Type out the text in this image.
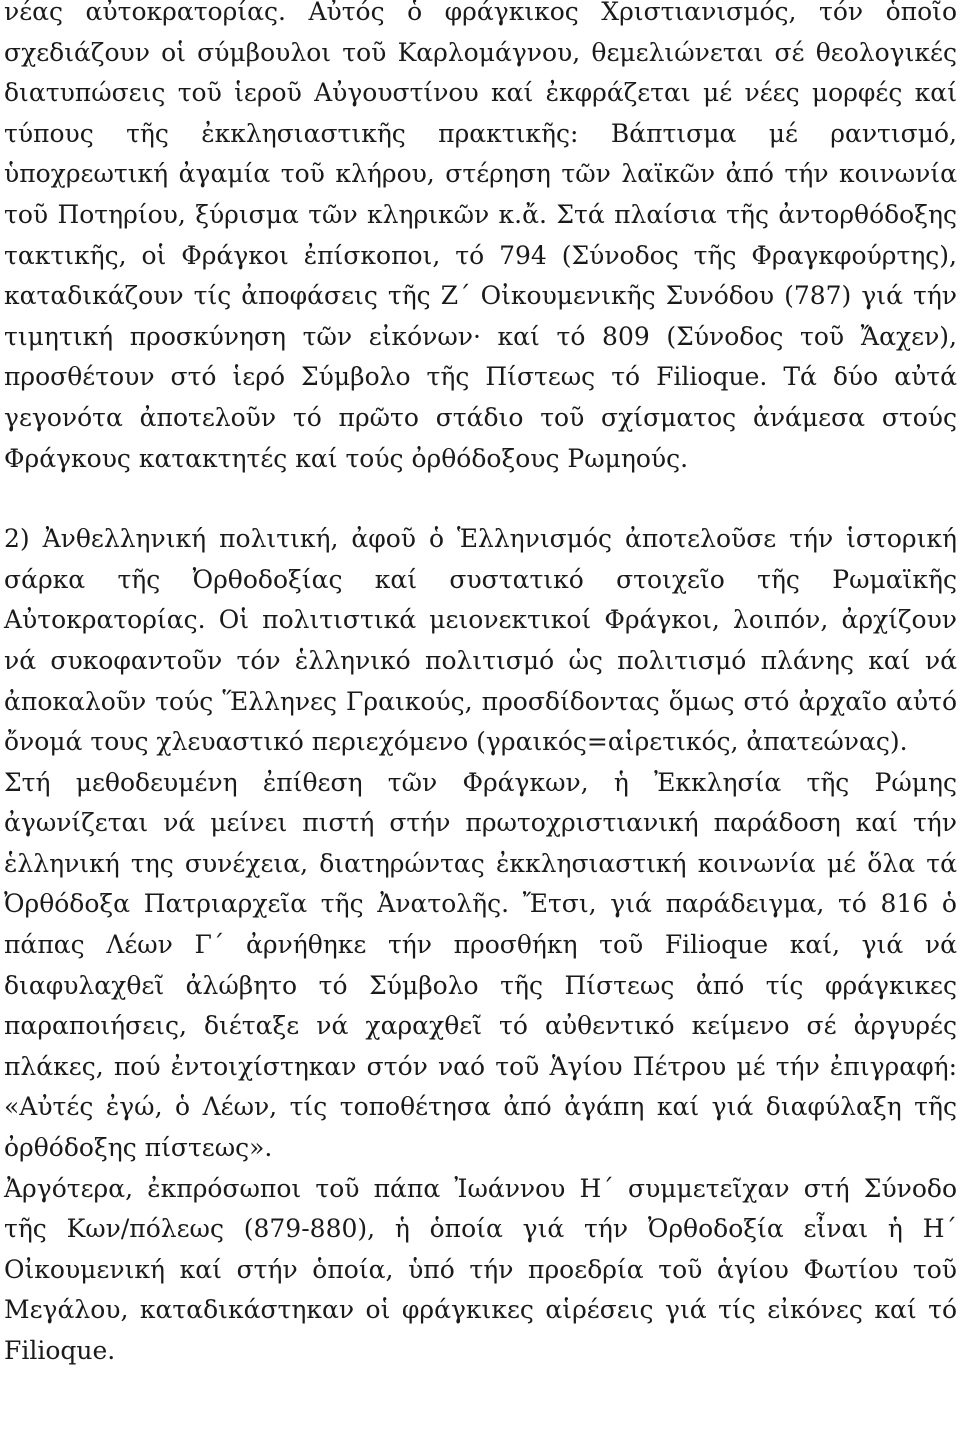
νέας αὐτοκρατορίας. Αὐτός ὁ φράγκικος Χριστιανισμός, τόν ὁποῖο σχεδιάζουν οἱ σύμβουλοι τοῦ Καρλομάγνου, θεμελιώνεται σέ θεολογικές διατυπώσεις τοῦ ἱεροῦ Αὐγουστίνου καί ἐκφράζεται μέ νέες μορφές καί τύπους τῆς ἐκκλησιαστικῆς πρακτικῆς: Βάπτισμα μέ ραντισμό, ὑποχρεωτική ἀγαμία τοῦ κλήρου, στέρηση τῶν λαϊκῶν ἀπό τήν κοινωνία τοῦ Ποτηρίου, ξύρισμα τῶν κληρικῶν κ.ἄ. Στά πλαίσια τῆς ἀντορθόδοξης τακτικῆς, οἱ Φράγκοι ἐπίσκοποι, τό 794 (Σύνοδος τῆς Φραγκφούρτης), καταδικάζουν τίς ἀποφάσεις τῆς Ζ΄ Οἰκουμενικῆς Συνόδου (787) γιά τήν τιμητική προσκύνηση τῶν εἰκόνων· καί τό 809 (Σύνοδος τοῦ Ἄαχεν), προσθέτουν στό ἱερό Σύμβολο τῆς Πίστεως τό Filioque. Τά δύο αὐτά γεγονότα ἀποτελοῦν τό πρῶτο στάδιο τοῦ σχίσματος ἀνάμεσα στούς Φράγκους κατακτητές καί τούς ὀρθόδοξους Ρωμηούς.

2) Ἀνθελληνική πολιτική, ἀφοῦ ὁ Ἑλληνισμός ἀποτελοῦσε τήν ἱστορική σάρκα τῆς Ὀρθοδοξίας καί συστατικό στοιχεῖο τῆς Ρωμαϊκῆς Αὐτοκρατορίας. Οἱ πολιτιστικά μειονεκτικοί Φράγκοι, λοιπόν, ἀρχίζουν νά συκοφαντοῦν τόν ἑλληνικό πολιτισμό ὡς πολιτισμό πλάνης καί νά ἀποκαλοῦν τούς Ἕλληνες Γραικούς, προσδίδοντας ὅμως στό ἀρχαῖο αὐτό ὄνομά τους χλευαστικό περιεχόμενο (γραικός=αἱρετικός, ἀπατεώνας).

Στή μεθοδευμένη ἐπίθεση τῶν Φράγκων, ἡ Ἐκκλησία τῆς Ρώμης ἀγωνίζεται νά μείνει πιστή στήν πρωτοχριστιανική παράδοση καί τήν ἑλληνική της συνέχεια, διατηρώντας ἐκκλησιαστική κοινωνία μέ ὅλα τά Ὀρθόδοξα Πατριαρχεῖα τῆς Ἀνατολῆς. Ἔτσι, γιά παράδειγμα, τό 816 ὁ πάπας Λέων Γ΄ ἀρνήθηκε τήν προσθήκη τοῦ Filioque καί, γιά νά διαφυλαχθεῖ ἀλώβητο τό Σύμβολο τῆς Πίστεως ἀπό τίς φράγκικες παραποιήσεις, διέταξε νά χαραχθεῖ τό αὐθεντικό κείμενο σέ ἀργυρές πλάκες, πού ἐντοιχίστηκαν στόν ναό τοῦ Ἁγίου Πέτρου μέ τήν ἐπιγραφή: «Αὐτές ἐγώ, ὁ Λέων, τίς τοποθέτησα ἀπό ἀγάπη καί γιά διαφύλαξη τῆς ὀρθόδοξης πίστεως».

Ἀργότερα, ἐκπρόσωποι τοῦ πάπα Ἰωάννου Η΄ συμμετεῖχαν στή Σύνοδο τῆς Κων/πόλεως (879-880), ἡ ὁποία γιά τήν Ὀρθοδοξία εἶναι ἡ Η΄ Οἰκουμενική καί στήν ὁποία, ὑπό τήν προεδρία τοῦ ἁγίου Φωτίου τοῦ Μεγάλου, καταδικάστηκαν οἱ φράγκικες αἱρέσεις γιά τίς εἰκόνες καί τό Filioque.
